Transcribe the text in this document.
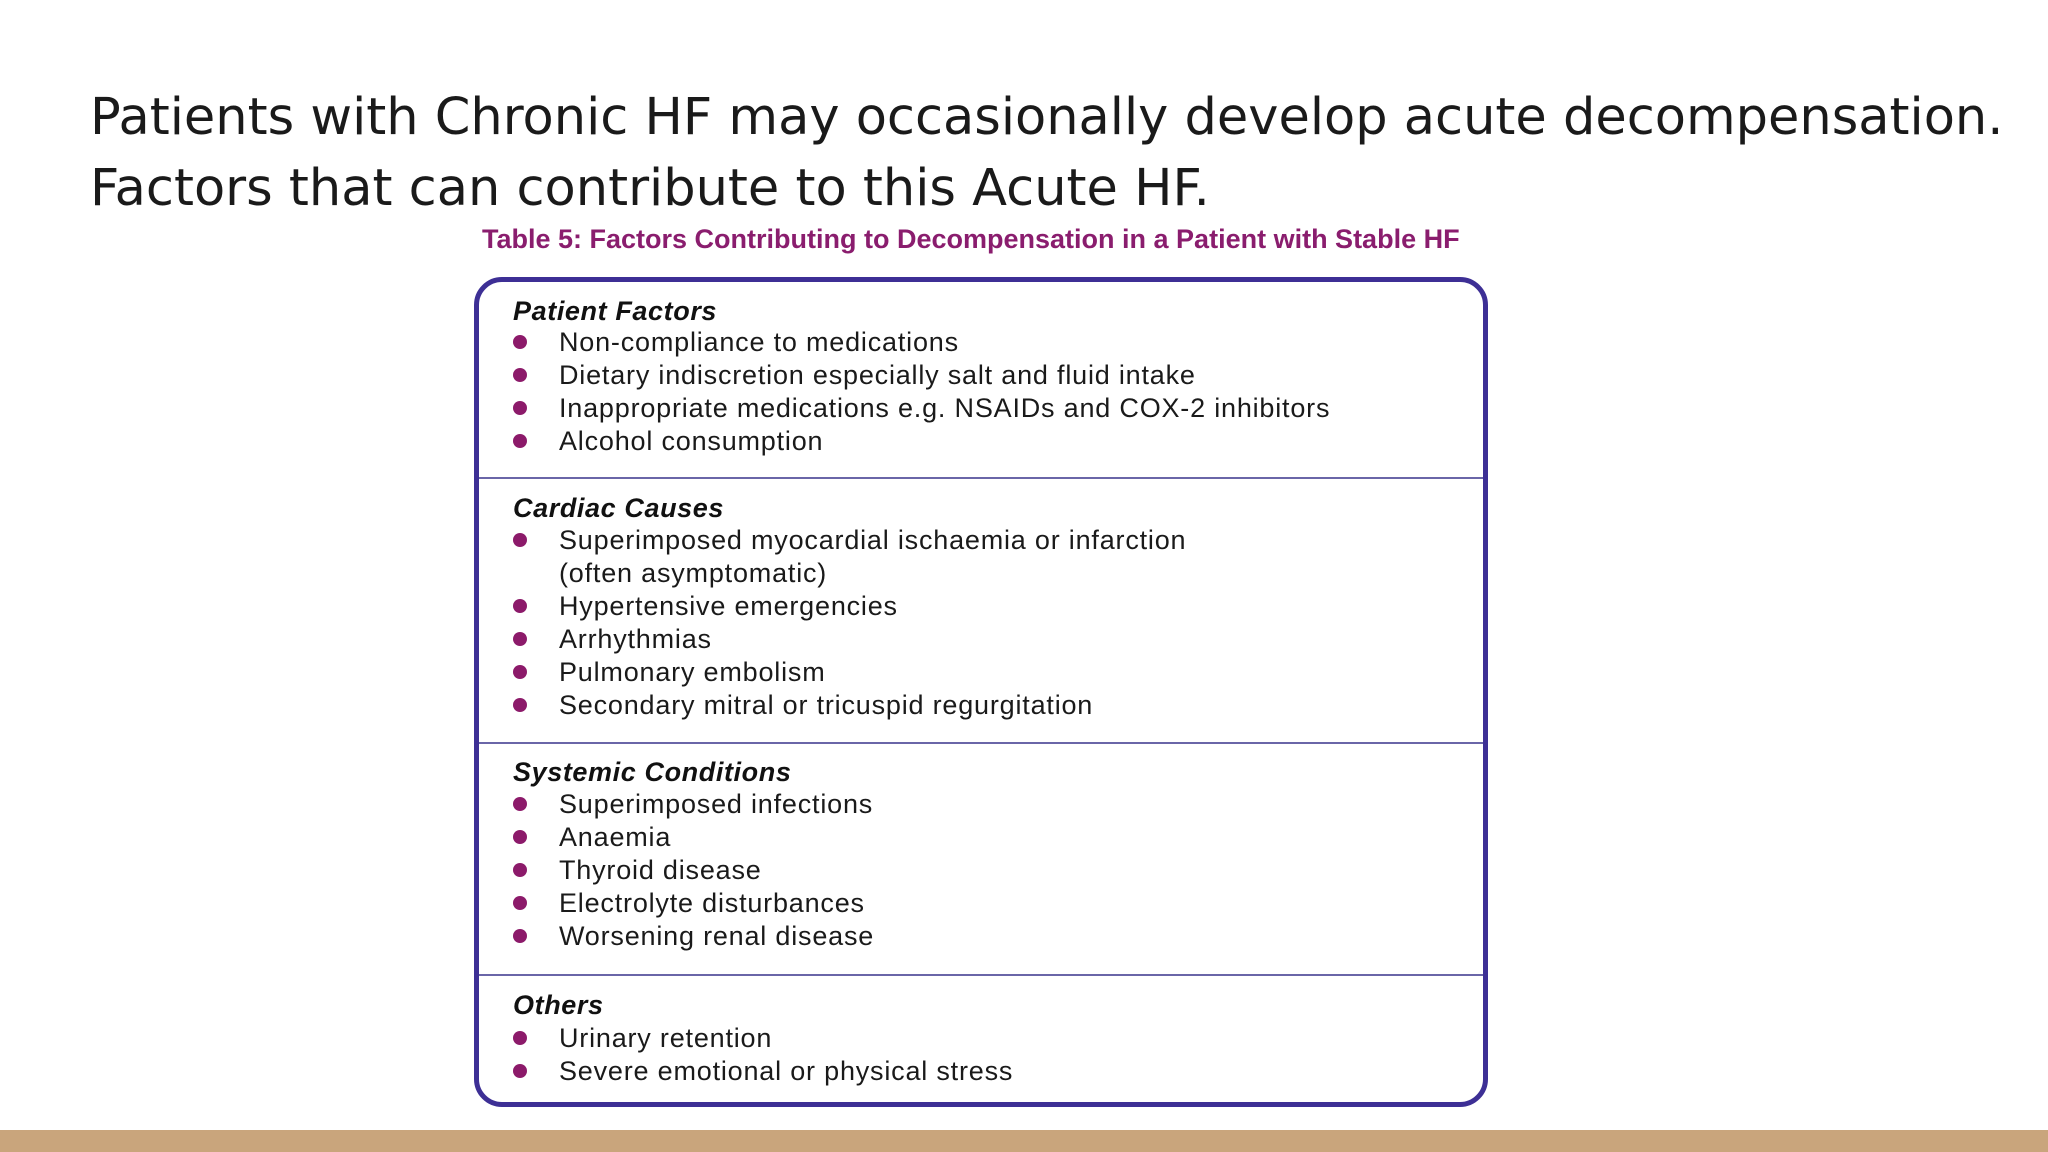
Patients with Chronic HF may occasionally develop acute decompensation.
Factors that can contribute to this Acute HF.
Table 5: Factors Contributing to Decompensation in a Patient with Stable HF
Patient Factors
Non-compliance to medications
Dietary indiscretion especially salt and fluid intake
Inappropriate medications e.g. NSAIDs and COX-2 inhibitors
Alcohol consumption
Cardiac Causes
Superimposed myocardial ischaemia or infarction
(often asymptomatic)
Hypertensive emergencies
Arrhythmias
Pulmonary embolism
Secondary mitral or tricuspid regurgitation
Systemic Conditions
Superimposed infections
Anaemia
Thyroid disease
Electrolyte disturbances
Worsening renal disease
Others
Urinary retention
Severe emotional or physical stress
